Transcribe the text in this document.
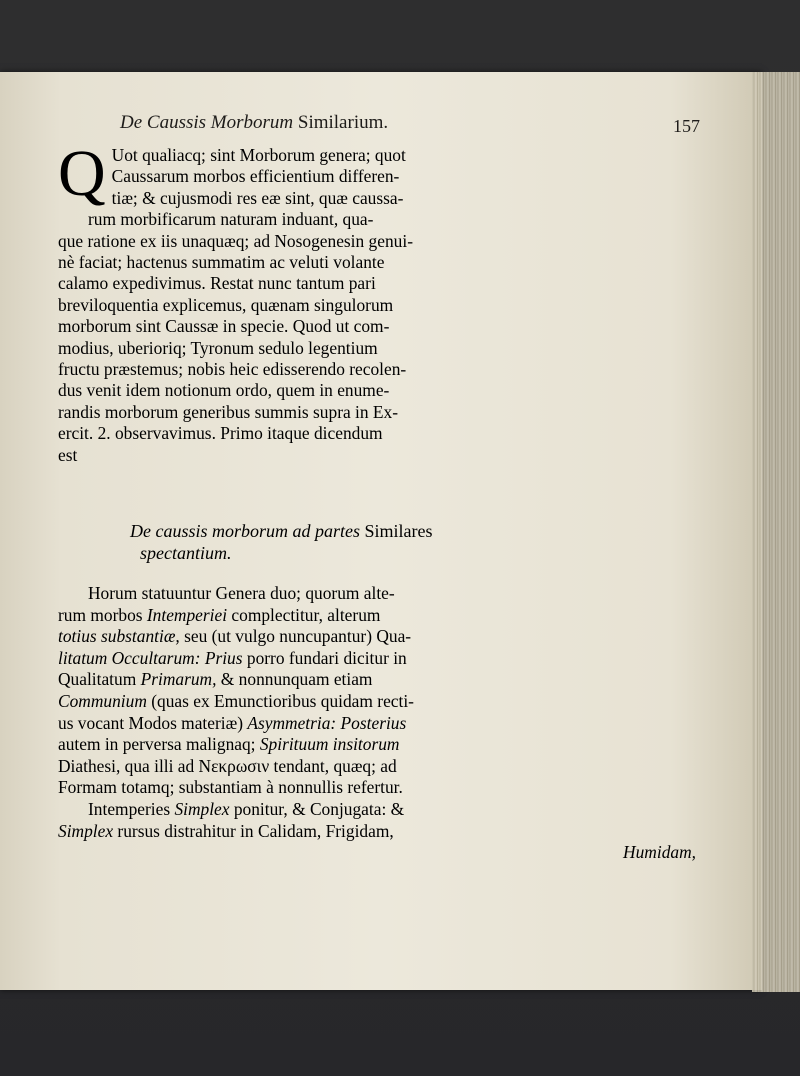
De Caussis Morborum Similarium.	157
Q Uot qualiacq; sint Morborum genera; quot
Caussarum morbos efficientium differen-
tiæ; & cujusmodi res eæ sint, quæ caussa-
rum morbificarum naturam induant, qua-
que ratione ex iis unaquæq; ad Nosogenesin genui-
nè faciat; hactenus summatim ac veluti volante
calamo expedivimus. Restat nunc tantum pari
breviloquentia explicemus, quænam singulorum
morborum sint Caussæ in specie. Quod ut com-
modius, uberioriq; Tyronum sedulo legentium
fructu præstemus; nobis heic edisserendo recolen-
dus venit idem notionum ordo, quem in enume-
randis morborum generibus summis supra in Ex-
ercit. 2. observavimus. Primo itaque dicendum
est
De caussis morborum ad partes Similares
spectantium.
Horum statuuntur Genera duo; quorum alte-
rum morbos Intemperiei complectitur, alterum
totius substantiæ, seu (ut vulgo nuncupantur) Qua-
litatum Occultarum: Prius porro fundari dicitur in
Qualitatum Primarum, & nonnunquam etiam
Communium (quas ex Emunctioribus quidam recti-
us vocant Modos materiæ) Asymmetria: Posterius
autem in perversa malignaq; Spirituum insitorum
Diathesi, qua illi ad Νεκρωσιν tendant, quæq; ad
Formam totamq; substantiam à nonnullis refertur.
Intemperies Simplex ponitur, & Conjugata: &
Simplex rursus distrahitur in Calidam, Frigidam,
Humidam,
